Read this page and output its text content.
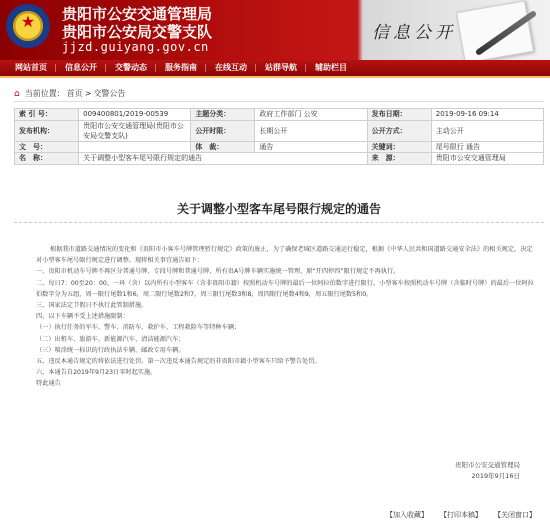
★	贵阳市公安交通管理局
贵阳市公安局交警支队
jjzd.guiyang.gov.cn
信息公开
网站首页	| 信息公开	| 交警动态	| 服务指南	| 在线互动	| 站群导航	| 辅助栏目
⌂ 当前位置： 首页 > 交警公告
索 引 号：	009400801/2019-00539	主题分类：	政府工作部门 公安	发布日期：	2019-09-16 09:14
发布机构：	贵阳市公安交通管理局(贵阳市公安局交警支队)	公开时限：	长期公开	公开方式：	主动公开
文　号：		体　裁：	通告	关键词：	尾号限行 通告
名　称：	关于调整小型客车尾号限行规定的通告			来　源：	贵阳市公安交通管理局
关于调整小型客车尾号限行规定的通告

根据我市道路交通情况的变化和《贵阳市小客车号牌管理暂行规定》政策的废止，为了确保老城区道路交通运行稳定，根据《中华人民共和国道路交通安全法》的相关规定，决定对小型客车尾号限行规定进行调整。现将相关事宜通告如下：

一、贵阳市机动车号牌不再区分普通号牌、专段号牌和普通号牌，所有贵A号牌车辆实施统一管理，原“开四停四”限行规定不再执行。

二、每日7：00至20：00，一环（含）以内所有小型客车（含非贵阳市籍）按照机动车号牌的最后一位阿拉伯数字进行限行。小型客车按照机动车号牌（含临时号牌）的最后一位阿拉伯数字分为五组，周一限行尾数1和6，周二限行尾数2和7，周三限行尾数3和8，周四限行尾数4和9，周五限行尾数5和0。

三、国家法定节假日不执行此管制措施。

四、以下车辆不受上述措施限制：

（一）执行任务的军车、警车、消防车、救护车、工程救险车等特种车辆；

（二）出租车、旅游车、新能源汽车、清洁能源汽车；

（三）喷涂统一标识的行政执法车辆、邮政专用车辆。

五、违反本通告规定的将依法进行处罚。第一次违反本通告规定的非贵阳市籍小型客车只给予警告处罚。

六、本通告自2019年9月23日零时起实施。

特此通告

贵阳市公安交通管理局
2019年9月16日
【加入收藏】 【打印本稿】 【关闭窗口】
